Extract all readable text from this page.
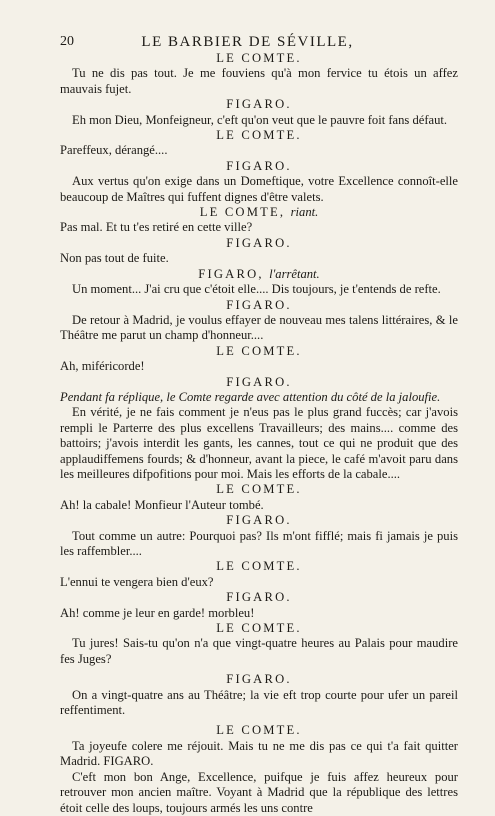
20	LE BARBIER DE SÉVILLE,
LE COMTE.
Tu ne dis pas tout. Je me fouviens qu'à mon fervice tu étois un affez mauvais fujet.
FIGARO.
Eh mon Dieu, Monfeigneur, c'eft qu'on veut que le pauvre foit fans défaut.
LE COMTE.
Pareffeux, dérangé....
FIGARO.
Aux vertus qu'on exige dans un Domeftique, votre Excellence connoît-elle beaucoup de Maîtres qui fuffent dignes d'être valets.
LE COMTE, riant.
Pas mal. Et tu t'es retiré en cette ville?
FIGARO.
Non pas tout de fuite.
FIGARO, l'arrêtant.
Un moment... J'ai cru que c'étoit elle.... Dis toujours, je t'entends de refte.
FIGARO.
De retour à Madrid, je voulus effayer de nouveau mes talens littéraires, & le Théâtre me parut un champ d'honneur....
LE COMTE.
Ah, miféricorde!
FIGARO.
Pendant fa réplique, le Comte regarde avec attention du côté de la jaloufie.
En vérité, je ne fais comment je n'eus pas le plus grand fuccès; car j'avois rempli le Parterre des plus excellens Travailleurs; des mains.... comme des battoirs; j'avois interdit les gants, les cannes, tout ce qui ne produit que des applaudiffemens fourds; & d'honneur, avant la piece, le café m'avoit paru dans les meilleures difpofitions pour moi. Mais les efforts de la cabale....
LE COMTE.
Ah! la cabale! Monfieur l'Auteur tombé.
FIGARO.
Tout comme un autre: Pourquoi pas? Ils m'ont fifflé; mais fi jamais je puis les raffembler....
LE COMTE.
L'ennui te vengera bien d'eux?
FIGARO.
Ah! comme je leur en garde! morbleu!
LE COMTE.
Tu jures! Sais-tu qu'on n'a que vingt-quatre heures au Palais pour maudire fes Juges?
FIGARO.
On a vingt-quatre ans au Théâtre; la vie eft trop courte pour ufer un pareil reffentiment.
LE COMTE.
Ta joyeufe colere me réjouit. Mais tu ne me dis pas ce qui t'a fait quitter Madrid. FIGARO.
C'eft mon bon Ange, Excellence, puifque je fuis affez heureux pour retrouver mon ancien maître. Voyant à Madrid que la république des lettres étoit celle des loups, toujours armés les uns contre
